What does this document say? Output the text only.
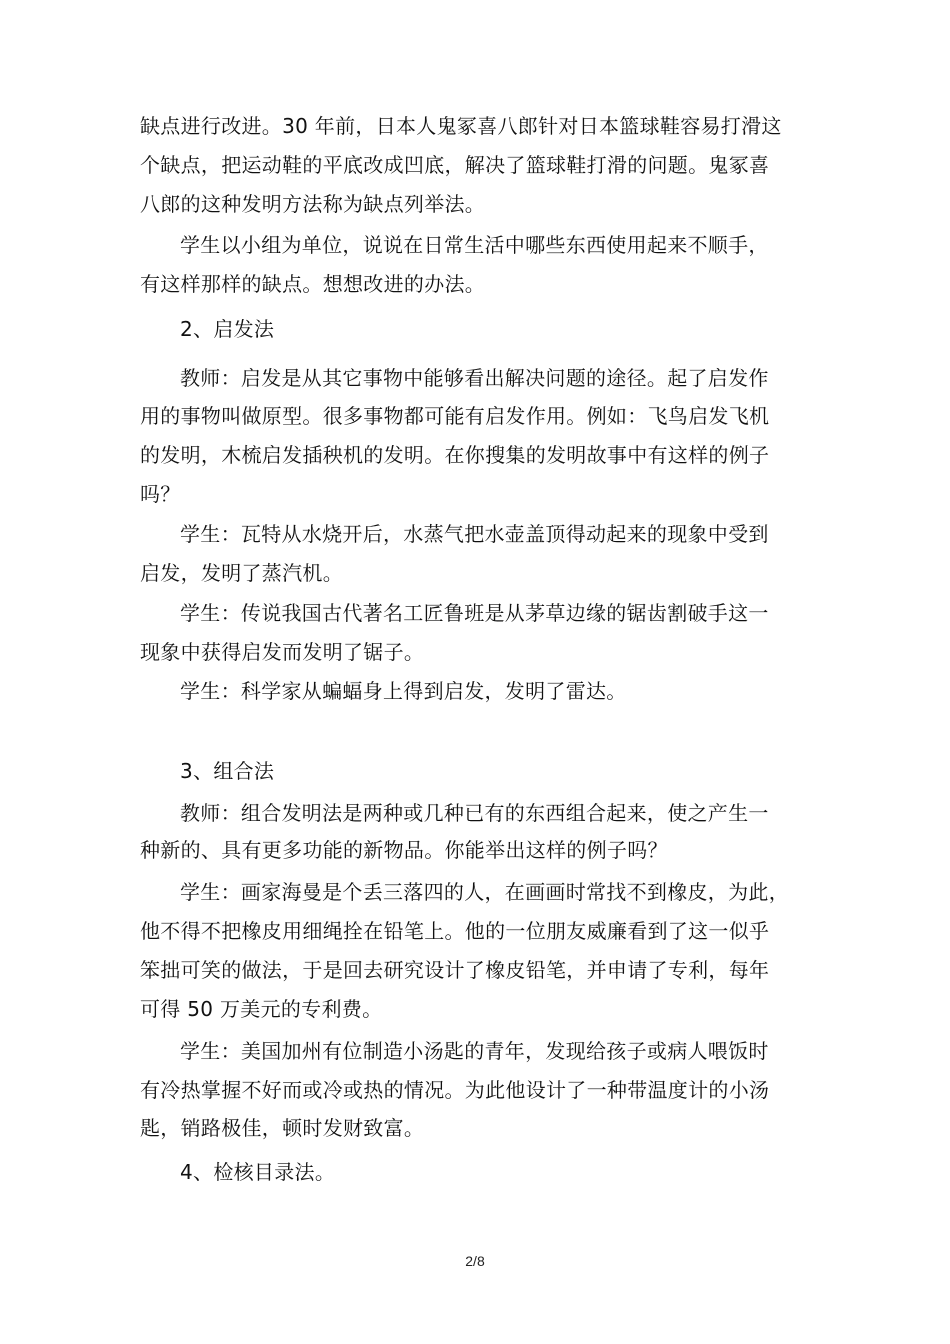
缺点进行改进。30 年前，日本人鬼冢喜八郎针对日本篮球鞋容易打滑这
个缺点，把运动鞋的平底改成凹底，解决了篮球鞋打滑的问题。鬼冢喜
八郎的这种发明方法称为缺点列举法。
学生以小组为单位，说说在日常生活中哪些东西使用起来不顺手，
有这样那样的缺点。想想改进的办法。
2、启发法
教师：启发是从其它事物中能够看出解决问题的途径。起了启发作
用的事物叫做原型。很多事物都可能有启发作用。例如：飞鸟启发飞机
的发明，木梳启发插秧机的发明。在你搜集的发明故事中有这样的例子
吗？
学生：瓦特从水烧开后，水蒸气把水壶盖顶得动起来的现象中受到
启发，发明了蒸汽机。
学生：传说我国古代著名工匠鲁班是从茅草边缘的锯齿割破手这一
现象中获得启发而发明了锯子。
学生：科学家从蝙蝠身上得到启发，发明了雷达。
3、组合法
教师：组合发明法是两种或几种已有的东西组合起来，使之产生一
种新的、具有更多功能的新物品。你能举出这样的例子吗？
学生：画家海曼是个丢三落四的人，在画画时常找不到橡皮，为此，
他不得不把橡皮用细绳拴在铅笔上。他的一位朋友威廉看到了这一似乎
笨拙可笑的做法，于是回去研究设计了橡皮铅笔，并申请了专利，每年
可得 50 万美元的专利费。
学生：美国加州有位制造小汤匙的青年，发现给孩子或病人喂饭时
有冷热掌握不好而或冷或热的情况。为此他设计了一种带温度计的小汤
匙，销路极佳，顿时发财致富。
4、检核目录法。
2/8
